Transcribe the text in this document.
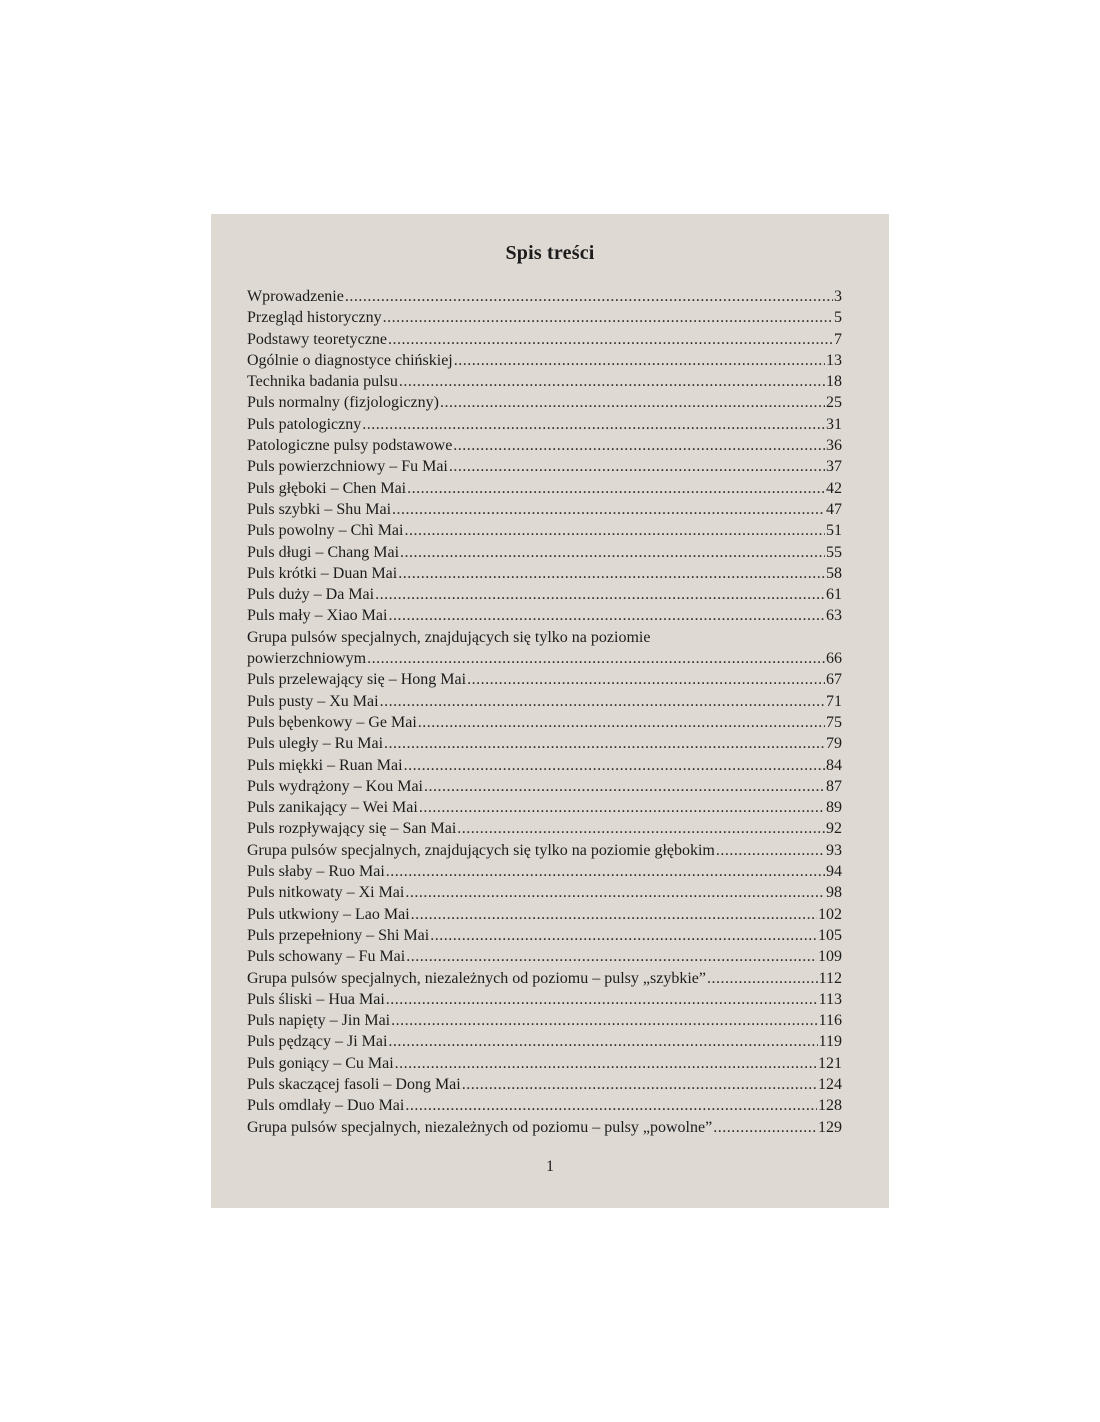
Spis treści
Wprowadzenie .....	3
Przegląd historyczny .....	5
Podstawy teoretyczne .....	7
Ogólnie o diagnostyce chińskiej .....	13
Technika badania pulsu .....	18
Puls normalny (fizjologiczny) .....	25
Puls patologiczny .....	31
Patologiczne pulsy podstawowe .....	36
Puls powierzchniowy – Fu Mai .....	37
Puls głęboki – Chen Mai .....	42
Puls szybki – Shu Mai .....	47
Puls powolny – Chì Mai .....	51
Puls długi – Chang Mai .....	55
Puls krótki – Duan Mai .....	58
Puls duży – Da Mai .....	61
Puls mały – Xiao Mai .....	63
Grupa pulsów specjalnych, znajdujących się tylko na poziomie
powierzchniowym .....	66
Puls przelewający się – Hong Mai .....	67
Puls pusty – Xu Mai .....	71
Puls bębenkowy – Ge Mai .....	75
Puls uległy – Ru Mai .....	79
Puls miękki – Ruan Mai .....	84
Puls wydrążony – Kou Mai .....	87
Puls zanikający – Wei Mai .....	89
Puls rozpływający się – San Mai .....	92
Grupa pulsów specjalnych, znajdujących się tylko na poziomie głębokim .....	93
Puls słaby – Ruo Mai .....	94
Puls nitkowaty – Xi Mai .....	98
Puls utkwiony – Lao Mai .....	102
Puls przepełniony – Shi Mai .....	105
Puls schowany – Fu Mai .....	109
Grupa pulsów specjalnych, niezależnych od poziomu – pulsy „szybkie” .....	112
Puls śliski – Hua Mai .....	113
Puls napięty – Jin Mai .....	116
Puls pędzący – Ji Mai .....	119
Puls goniący – Cu Mai .....	121
Puls skaczącej fasoli – Dong Mai .....	124
Puls omdlały – Duo Mai .....	128
Grupa pulsów specjalnych, niezależnych od poziomu – pulsy „powolne” .....	129
1
